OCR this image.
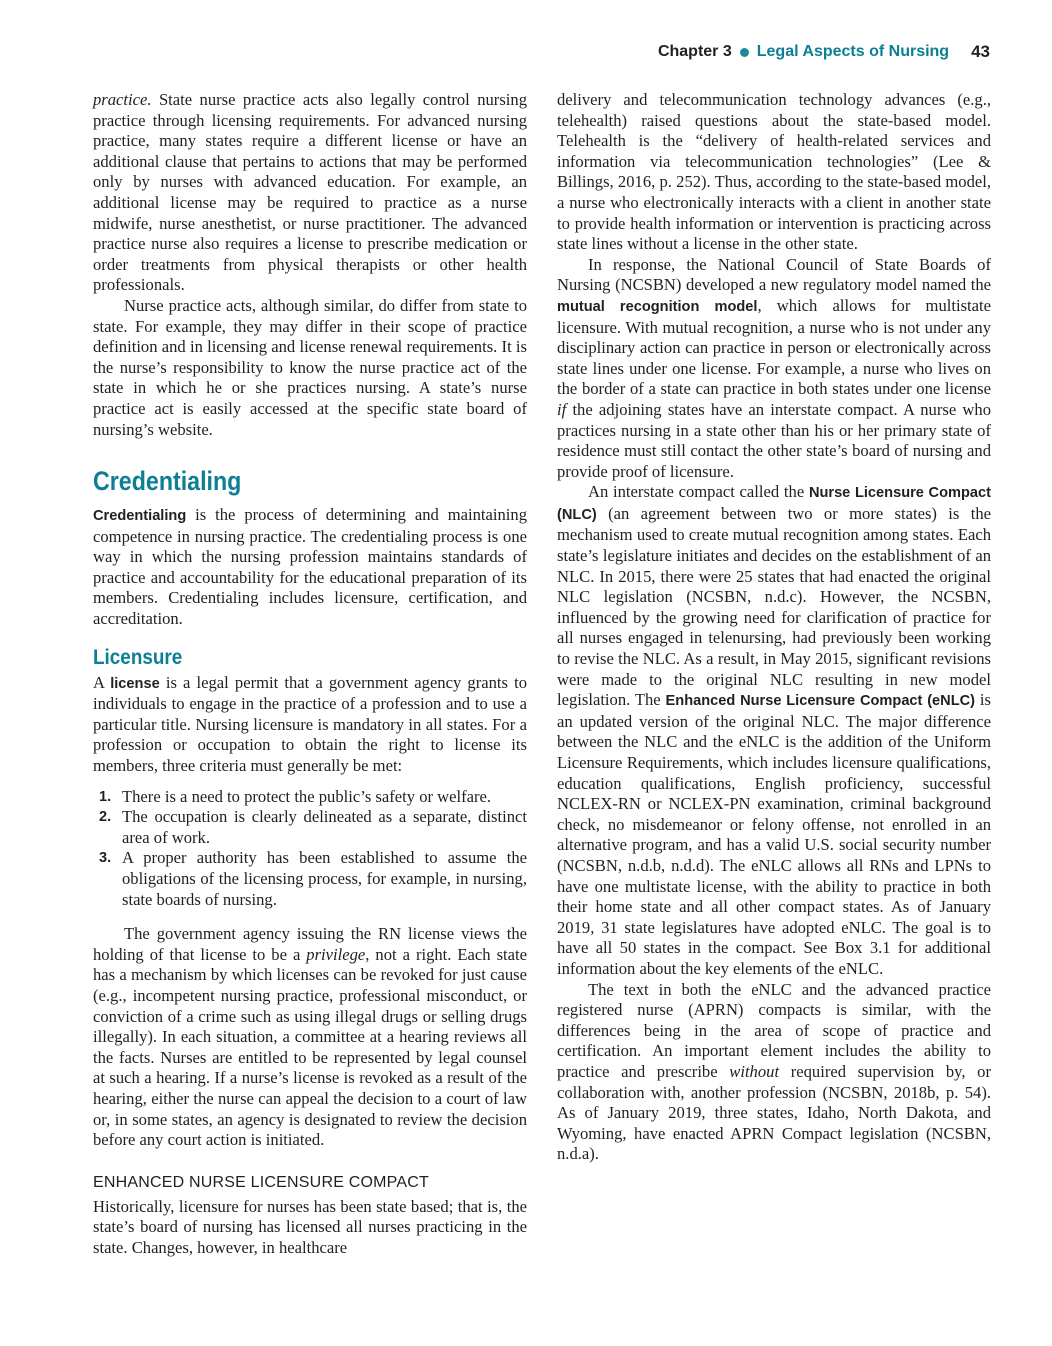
Chapter 3 Legal Aspects of Nursing 43

practice. State nurse practice acts also legally control nursing practice through licensing requirements. For advanced nursing practice, many states require a different license or have an additional clause that pertains to actions that may be performed only by nurses with advanced education. For example, an additional license may be required to practice as a nurse midwife, nurse anesthetist, or nurse practitioner. The advanced practice nurse also requires a license to prescribe medication or order treatments from physical therapists or other health professionals.

Nurse practice acts, although similar, do differ from state to state. For example, they may differ in their scope of practice definition and in licensing and license renewal requirements. It is the nurse’s responsibility to know the nurse practice act of the state in which he or she practices nursing. A state’s nurse practice act is easily accessed at the specific state board of nursing’s website.

Credentialing

Credentialing is the process of determining and maintaining competence in nursing practice. The credentialing process is one way in which the nursing profession maintains standards of practice and accountability for the educational preparation of its members. Credentialing includes licensure, certification, and accreditation.

Licensure

A license is a legal permit that a government agency grants to individuals to engage in the practice of a profession and to use a particular title. Nursing licensure is mandatory in all states. For a profession or occupation to obtain the right to license its members, three criteria must generally be met:

1. There is a need to protect the public’s safety or welfare.
2. The occupation is clearly delineated as a separate, distinct area of work.
3. A proper authority has been established to assume the obligations of the licensing process, for example, in nursing, state boards of nursing.

The government agency issuing the RN license views the holding of that license to be a privilege, not a right. Each state has a mechanism by which licenses can be revoked for just cause (e.g., incompetent nursing practice, professional misconduct, or conviction of a crime such as using illegal drugs or selling drugs illegally). In each situation, a committee at a hearing reviews all the facts. Nurses are entitled to be represented by legal counsel at such a hearing. If a nurse’s license is revoked as a result of the hearing, either the nurse can appeal the decision to a court of law or, in some states, an agency is designated to review the decision before any court action is initiated.

ENHANCED NURSE LICENSURE COMPACT

Historically, licensure for nurses has been state based; that is, the state’s board of nursing has licensed all nurses practicing in the state. Changes, however, in healthcare

delivery and telecommunication technology advances (e.g., telehealth) raised questions about the state-based model. Telehealth is the “delivery of health-related services and information via telecommunication technologies” (Lee & Billings, 2016, p. 252). Thus, according to the state-based model, a nurse who electronically interacts with a client in another state to provide health information or intervention is practicing across state lines without a license in the other state.

In response, the National Council of State Boards of Nursing (NCSBN) developed a new regulatory model named the mutual recognition model, which allows for multistate licensure. With mutual recognition, a nurse who is not under any disciplinary action can practice in person or electronically across state lines under one license. For example, a nurse who lives on the border of a state can practice in both states under one license if the adjoining states have an interstate compact. A nurse who practices nursing in a state other than his or her primary state of residence must still contact the other state’s board of nursing and provide proof of licensure.

An interstate compact called the Nurse Licensure Compact (NLC) (an agreement between two or more states) is the mechanism used to create mutual recognition among states. Each state’s legislature initiates and decides on the establishment of an NLC. In 2015, there were 25 states that had enacted the original NLC legislation (NCSBN, n.d.c). However, the NCSBN, influenced by the growing need for clarification of practice for all nurses engaged in telenursing, had previously been working to revise the NLC. As a result, in May 2015, significant revisions were made to the original NLC resulting in new model legislation. The Enhanced Nurse Licensure Compact (eNLC) is an updated version of the original NLC. The major difference between the NLC and the eNLC is the addition of the Uniform Licensure Requirements, which includes licensure qualifications, education qualifications, English proficiency, successful NCLEX-RN or NCLEX-PN examination, criminal background check, no misdemeanor or felony offense, not enrolled in an alternative program, and has a valid U.S. social security number (NCSBN, n.d.b, n.d.d). The eNLC allows all RNs and LPNs to have one multistate license, with the ability to practice in both their home state and all other compact states. As of January 2019, 31 state legislatures have adopted eNLC. The goal is to have all 50 states in the compact. See Box 3.1 for additional information about the key elements of the eNLC.

The text in both the eNLC and the advanced practice registered nurse (APRN) compacts is similar, with the differences being in the area of scope of practice and certification. An important element includes the ability to practice and prescribe without required supervision by, or collaboration with, another profession (NCSBN, 2018b, p. 54). As of January 2019, three states, Idaho, North Dakota, and Wyoming, have enacted APRN Compact legislation (NCSBN, n.d.a).
